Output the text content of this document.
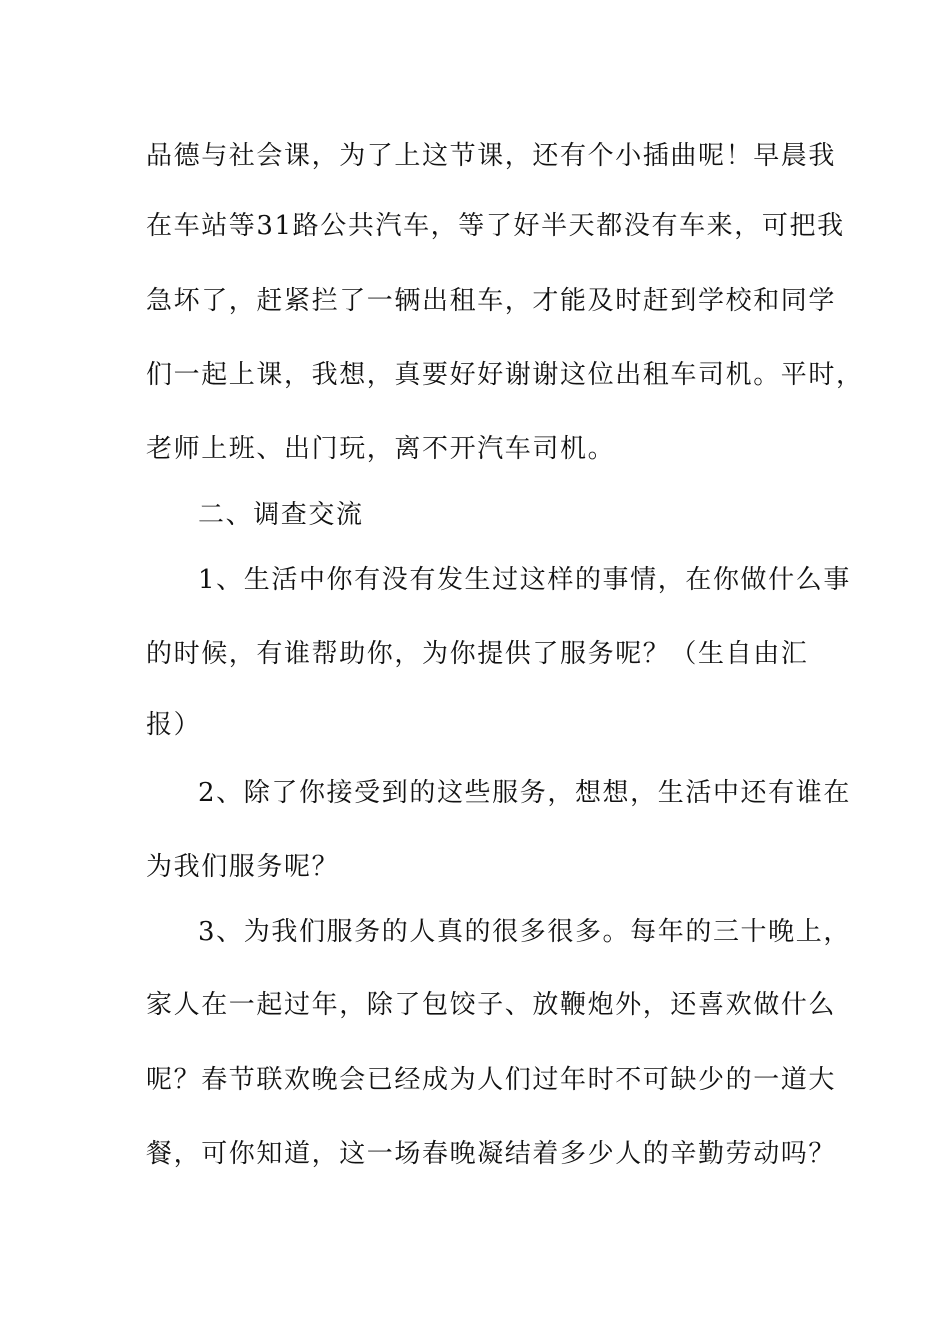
品德与社会课，为了上这节课，还有个小插曲呢！早晨我
在车站等31路公共汽车，等了好半天都没有车来，可把我
急坏了，赶紧拦了一辆出租车，才能及时赶到学校和同学
们一起上课，我想，真要好好谢谢这位出租车司机。平时，
老师上班、出门玩，离不开汽车司机。
二、调查交流
1、生活中你有没有发生过这样的事情，在你做什么事
的时候，有谁帮助你，为你提供了服务呢？（生自由汇
报）
2、除了你接受到的这些服务，想想，生活中还有谁在
为我们服务呢？
3、为我们服务的人真的很多很多。每年的三十晚上，
家人在一起过年，除了包饺子、放鞭炮外，还喜欢做什么
呢？春节联欢晚会已经成为人们过年时不可缺少的一道大
餐，可你知道，这一场春晚凝结着多少人的辛勤劳动吗？
